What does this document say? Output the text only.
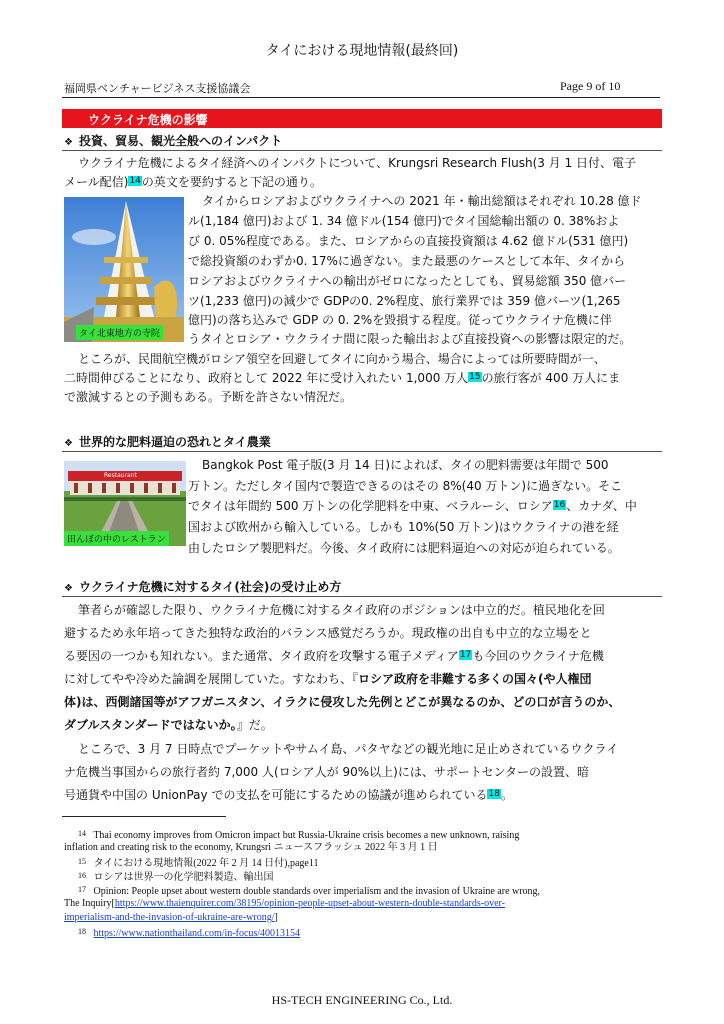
タイにおける現地情報(最終回)
福岡県ベンチャービジネス支援協議会	Page 9 of 10
ウクライナ危機の影響
❖ 投資、貿易、観光全般へのインパクト
ウクライナ危機によるタイ経済へのインパクトについて、Krungsri Research Flush(3 月 1 日付、電子
メール配信)$^{14}$の英文を要約すると下記の通り。
タイ北東地方の寺院
タイからロシアおよびウクライナへの 2021 年・輸出総額はそれぞれ 10.28 億ド
ル(1,184 億円)および 1. 34 億ドル(154 億円)でタイ国総輸出額の 0. 38%およ
び 0. 05%程度である。また、ロシアからの直接投資額は 4.62 億ドル(531 億円)
で総投資額のわずか0. 17%に過ぎない。また最悪のケースとして本年、タイから
ロシアおよびウクライナへの輸出がゼロになったとしても、貿易総額 350 億バー
ツ(1,233 億円)の減少で GDPの0. 2%程度、旅行業界では 359 億バーツ(1,265
億円)の落ち込みで GDP の 0. 2%を毀損する程度。従ってウクライナ危機に伴
うタイとロシア・ウクライナ間に限った輸出および直接投資への影響は限定的だ。
ところが、民間航空機がロシア領空を回避してタイに向かう場合、場合によっては所要時間が一、
二時間伸びることになり、政府として 2022 年に受け入れたい 1,000 万人$^{15}$の旅行客が 400 万人にま
で激減するとの予測もある。予断を許さない情況だ。
❖ 世界的な肥料逼迫の恐れとタイ農業
Restaurant
田んぼの中のレストラン
Bangkok Post 電子版(3 月 14 日)によれば、タイの肥料需要は年間で 500
万トン。ただしタイ国内で製造できるのはその 8%(40 万トン)に過ぎない。そこ
でタイは年間約 500 万トンの化学肥料を中東、ベラルーシ、ロシア$^{16}$、カナダ、中
国および欧州から輸入している。しかも 10%(50 万トン)はウクライナの港を経
由したロシア製肥料だ。今後、タイ政府には肥料逼迫への対応が迫られている。
❖ ウクライナ危機に対するタイ(社会)の受け止め方
筆者らが確認した限り、ウクライナ危機に対するタイ政府のポジションは中立的だ。植民地化を回
避するため永年培ってきた独特な政治的バランス感覚だろうか。現政権の出自も中立的な立場をと
る要因の一つかも知れない。また通常、タイ政府を攻撃する電子メディア$^{17}$も今回のウクライナ危機
に対してやや冷めた論調を展開していた。すなわち、『ロシア政府を非難する多くの国々(や人権団
体)は、西側諸国等がアフガニスタン、イラクに侵攻した先例とどこが異なるのか、どの口が言うのか、
ダブルスタンダードではないか。』だ。
ところで、3 月 7 日時点でプーケットやサムイ島、パタヤなどの観光地に足止めされているウクライ
ナ危機当事国からの旅行者約 7,000 人(ロシア人が 90%以上)には、サポートセンターの設置、暗
号通貨や中国の UnionPay での支払を可能にするための協議が進められている$^{18}$。
$^{14}$ Thai economy improves from Omicron impact but Russia-Ukraine crisis becomes a new unknown, raising
inflation and creating risk to the economy, Krungsri ニュースフラッシュ 2022 年 3 月 1 日
$^{15}$ タイにおける現地情報(2022 年 2 月 14 日付),page11
$^{16}$ ロシアは世界一の化学肥料製造、輸出国
$^{17}$ Opinion: People upset about western double standards over imperialism and the invasion of Ukraine are wrong,
The Inquiry[https://www.thaienquirer.com/38195/opinion-people-upset-about-western-double-standards-over-
imperialism-and-the-invasion-of-ukraine-are-wrong/]
$^{18}$ https://www.nationthailand.com/in-focus/40013154
HS-TECH ENGINEERING Co., Ltd.
